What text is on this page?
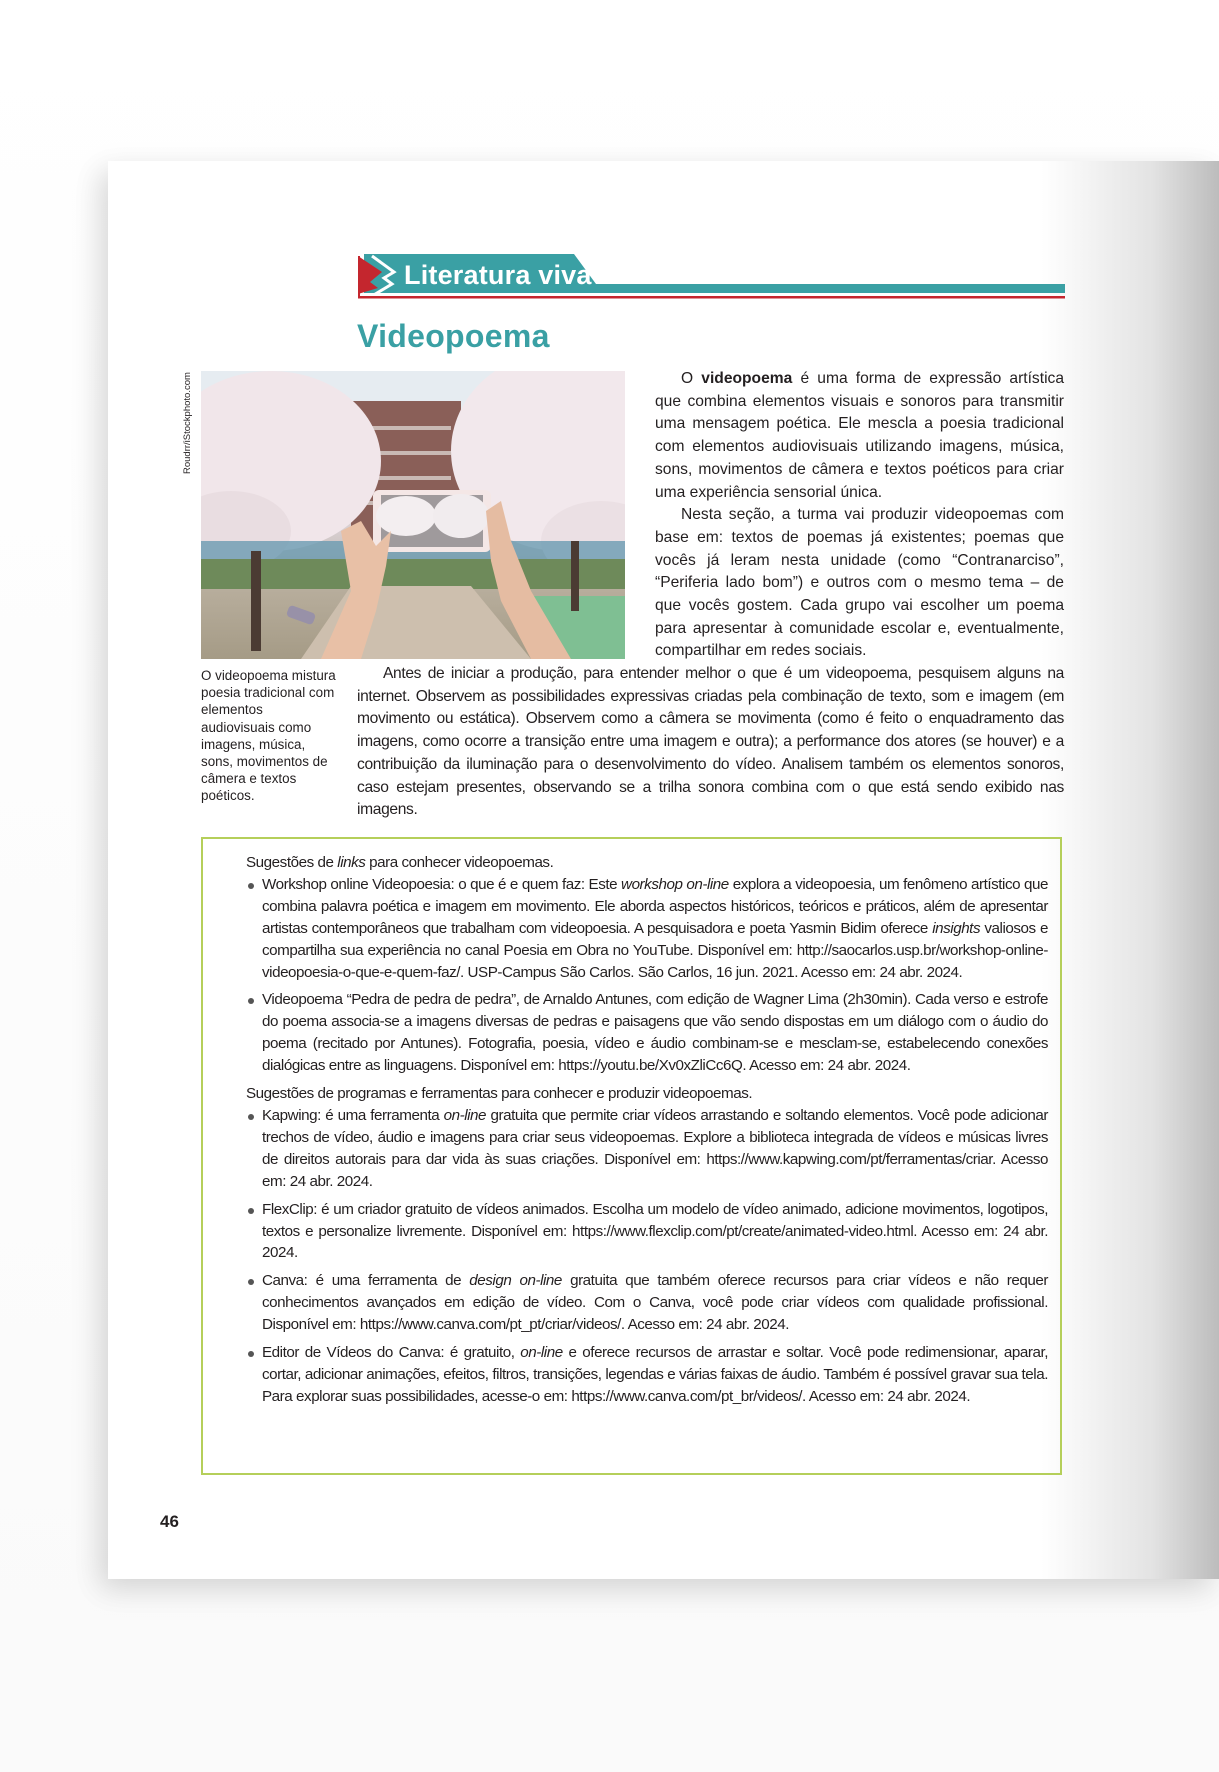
Literatura viva
Videopoema
Roudrr/iStockphoto.com
O videopoema mistura poesia tradicional com elementos audiovisuais como imagens, música, sons, movimentos de câmera e textos poéticos.

O videopoema é uma forma de expressão artística que combina elementos visuais e sonoros para transmitir uma mensagem poética. Ele mescla a poesia tradicional com elementos audiovisuais utilizando imagens, música, sons, movimentos de câmera e textos poéticos para criar uma experiência sensorial única.

Nesta seção, a turma vai produzir videopoemas com base em: textos de poemas já existentes; poemas que vocês já leram nesta unidade (como “Contranarciso”, “Periferia lado bom”) e outros com o mesmo tema – de que vocês gostem. Cada grupo vai escolher um poema para apresentar à comunidade escolar e, eventualmente, compartilhar em redes sociais.

Antes de iniciar a produção, para entender melhor o que é um videopoema, pesquisem alguns na internet. Observem as possibilidades expressivas criadas pela combinação de texto, som e imagem (em movimento ou estática). Observem como a câmera se movimenta (como é feito o enquadramento das imagens, como ocorre a transição entre uma imagem e outra); a performance dos atores (se houver) e a contribuição da iluminação para o desenvolvimento do vídeo. Analisem também os elementos sonoros, caso estejam presentes, observando se a trilha sonora combina com o que está sendo exibido nas imagens.

Sugestões de links para conhecer videopoemas.

Workshop online Videopoesia: o que é e quem faz: Este workshop on-line explora a videopoesia, um fenômeno artístico que combina palavra poética e imagem em movimento. Ele aborda aspectos históricos, teóricos e práticos, além de apresentar artistas contemporâneos que trabalham com videopoesia. A pesquisadora e poeta Yasmin Bidim oferece insights valiosos e compartilha sua experiência no canal Poesia em Obra no YouTube. Disponível em: http://saocarlos.usp.br/workshop-online-videopoesia-o-que-e-quem-faz/. USP-Campus São Carlos. São Carlos, 16 jun. 2021. Acesso em: 24 abr. 2024.
Videopoema “Pedra de pedra de pedra”, de Arnaldo Antunes, com edição de Wagner Lima (2h30min). Cada verso e estrofe do poema associa-se a imagens diversas de pedras e paisagens que vão sendo dispostas em um diálogo com o áudio do poema (recitado por Antunes). Fotografia, poesia, vídeo e áudio combinam-se e mesclam-se, estabelecendo conexões dialógicas entre as linguagens. Disponível em: https://youtu.be/Xv0xZliCc6Q. Acesso em: 24 abr. 2024.

Sugestões de programas e ferramentas para conhecer e produzir videopoemas.

Kapwing: é uma ferramenta on-line gratuita que permite criar vídeos arrastando e soltando elementos. Você pode adicionar trechos de vídeo, áudio e imagens para criar seus videopoemas. Explore a biblioteca integrada de vídeos e músicas livres de direitos autorais para dar vida às suas criações. Disponível em: https://www.kapwing.com/pt/ferramentas/criar. Acesso em: 24 abr. 2024.
FlexClip: é um criador gratuito de vídeos animados. Escolha um modelo de vídeo animado, adicione movimentos, logotipos, textos e personalize livremente. Disponível em: https://www.flexclip.com/pt/create/animated-video.html. Acesso em: 24 abr. 2024.
Canva: é uma ferramenta de design on-line gratuita que também oferece recursos para criar vídeos e não requer conhecimentos avançados em edição de vídeo. Com o Canva, você pode criar vídeos com qualidade profissional. Disponível em: https://www.canva.com/pt_pt/criar/videos/. Acesso em: 24 abr. 2024.
Editor de Vídeos do Canva: é gratuito, on-line e oferece recursos de arrastar e soltar. Você pode redimensionar, aparar, cortar, adicionar animações, efeitos, filtros, transições, legendas e várias faixas de áudio. Também é possível gravar sua tela. Para explorar suas possibilidades, acesse-o em: https://www.canva.com/pt_br/videos/. Acesso em: 24 abr. 2024.
46
